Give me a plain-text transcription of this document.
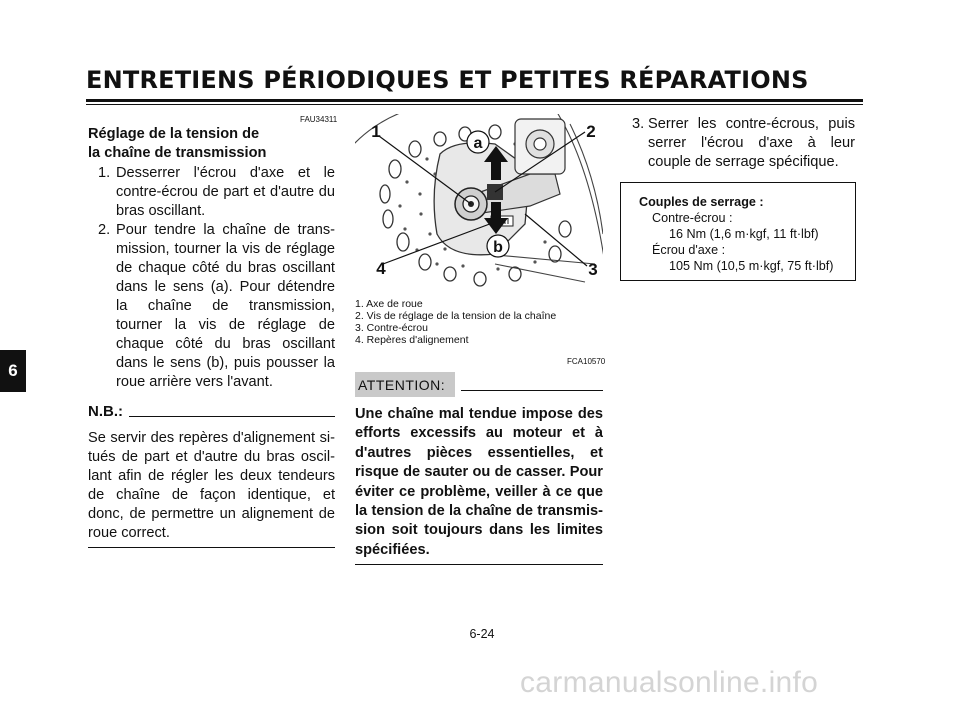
ENTRETIENS PÉRIODIQUES ET PETITES RÉPARATIONS
6
FAU34311

Réglage de la tension de
la chaîne de transmission

1. Desserrer l'écrou d'axe et le contre-écrou de part et d'autre du bras oscillant.
2. Pour tendre la chaîne de trans-mission, tourner la vis de réglage de chaque côté du bras oscillant dans le sens (a). Pour détendre la chaîne de transmission, tourner la vis de réglage de chaque côté du bras oscillant dans le sens (b), puis pousser la roue arrière vers l'avant.
N.B.:

Se servir des repères d'alignement si-tués de part et d'autre du bras oscil-lant afin de régler les deux tendeurs de chaîne de façon identique, et donc, de permettre un alignement de roue correct.

1	2
3
4
a
b
1. Axe de roue
2. Vis de réglage de la tension de la chaîne
3. Contre-écrou
4. Repères d'alignement
FCA10570
ATTENTION:

Une chaîne mal tendue impose des efforts excessifs au moteur et à d'autres pièces essentielles, et risque de sauter ou de casser. Pour éviter ce problème, veiller à ce que la tension de la chaîne de transmis-sion soit toujours dans les limites spécifiées.

3. Serrer les contre-écrous, puis serrer l'écrou d'axe à leur couple de serrage spécifique.
Couples de serrage :
Contre-écrou :
16 Nm (1,6 m·kgf, 11 ft·lbf)
Écrou d'axe :
105 Nm (10,5 m·kgf, 75 ft·lbf)
6-24
carmanualsonline.info
